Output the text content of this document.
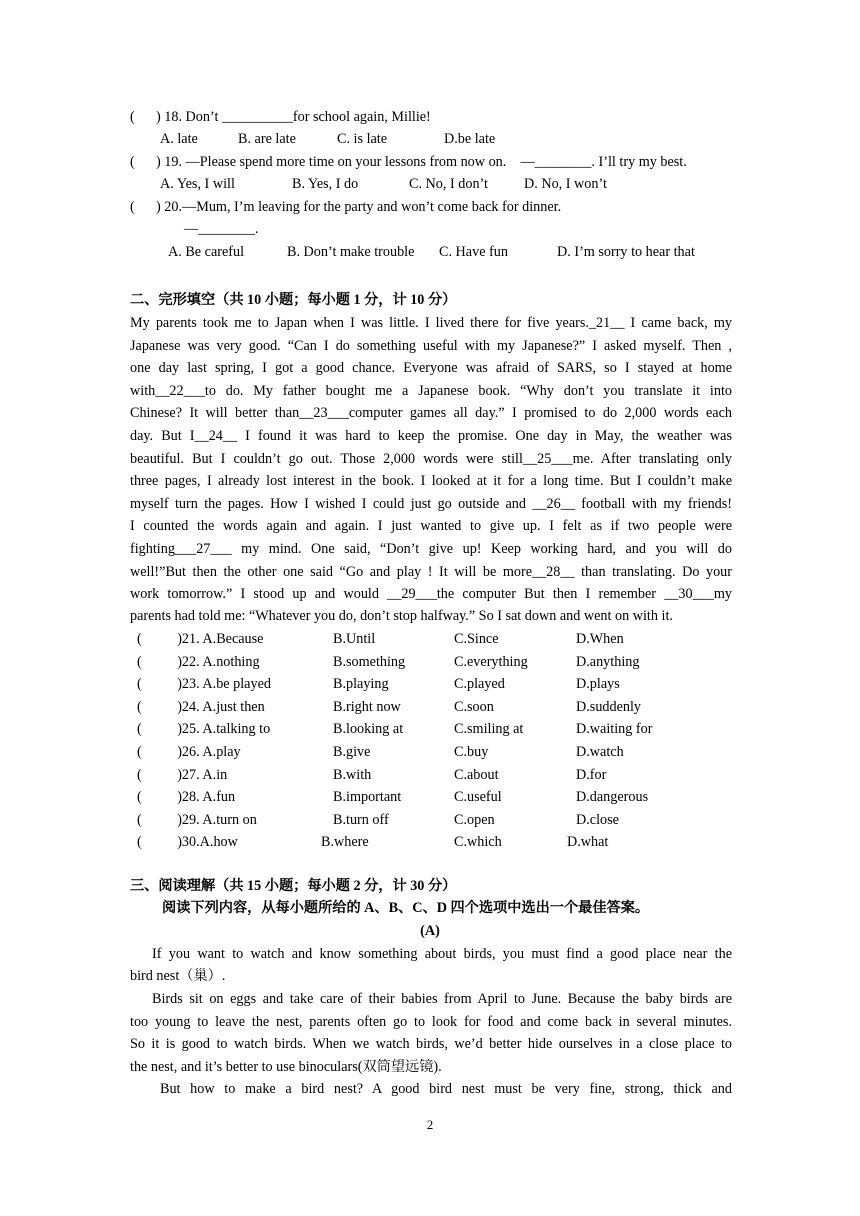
(      ) 18. Don’t __________for school again, Millie!
A. late	B. are late	C. is late	D.be late
(      ) 19. —Please spend more time on your lessons from now on.    —________. I’ll try my best.
A. Yes, I will	B. Yes, I do	C. No, I don’t	D. No, I won’t
(      ) 20.—Mum, I’m leaving for the party and won’t come back for dinner.
—________.
A. Be careful	B. Don’t make trouble C. Have fun	D. I’m sorry to hear that
二、完形填空（共 10 小题；每小题 1 分，计 10 分）
My parents took me to Japan when I was little. I lived there for five years._21__ I came back, my
Japanese was very good. “Can I do something useful with my Japanese?” I asked myself. Then ,
one day last spring, I got a good chance. Everyone was afraid of SARS, so I stayed at home
with__22___to do. My father bought me a Japanese book. “Why don’t you translate it into
Chinese? It will better than__23___computer games all day.” I promised to do 2,000 words each
day. But I__24__ I found it was hard to keep the promise. One day in May, the weather was
beautiful. But I couldn’t go out. Those 2,000 words were still__25___me. After translating only
three pages, I already lost interest in the book. I looked at it for a long time. But I couldn’t make
myself turn the pages. How I wished I could just go outside and __26__ football with my friends!
I counted the words again and again. I just wanted to give up. I felt as if two people were
fighting___27___ my mind. One said, “Don’t give up! Keep working hard, and you will do
well!”But then the other one said “Go and play ! It will be more__28__ than translating. Do your
work tomorrow.” I stood up and would __29___the computer But then I remember __30___my
parents had told me: “Whatever you do, don’t stop halfway.” So I sat down and went on with it.
(          )21. A.Because	B.Until	C.Since	D.When
(          )22. A.nothing	B.something	C.everything	D.anything
(          )23. A.be played	B.playing	C.played	D.plays
(          )24. A.just then	B.right now	C.soon	D.suddenly
(          )25. A.talking to	B.looking at	C.smiling at	D.waiting for
(          )26. A.play	B.give	C.buy	D.watch
(          )27. A.in	B.with	C.about	D.for
(          )28. A.fun	B.important	C.useful	D.dangerous
(          )29. A.turn on	B.turn off	C.open	D.close
(          )30.A.how	B.where	C.which	D.what
三、阅读理解（共 15 小题；每小题 2 分，计 30 分）
阅读下列内容，从每小题所给的 A、B、C、D 四个选项中选出一个最佳答案。
(A)
If you want to watch and know something about birds, you must find a good place near the
bird nest（巢）.
Birds sit on eggs and take care of their babies from April to June. Because the baby birds are
too young to leave the nest, parents often go to look for food and come back in several minutes.
So it is good to watch birds. When we watch birds, we’d better hide ourselves in a close place to
the nest, and it’s better to use binoculars(双筒望远镜).
But how to make a bird nest? A good bird nest must be very fine, strong, thick and
2
